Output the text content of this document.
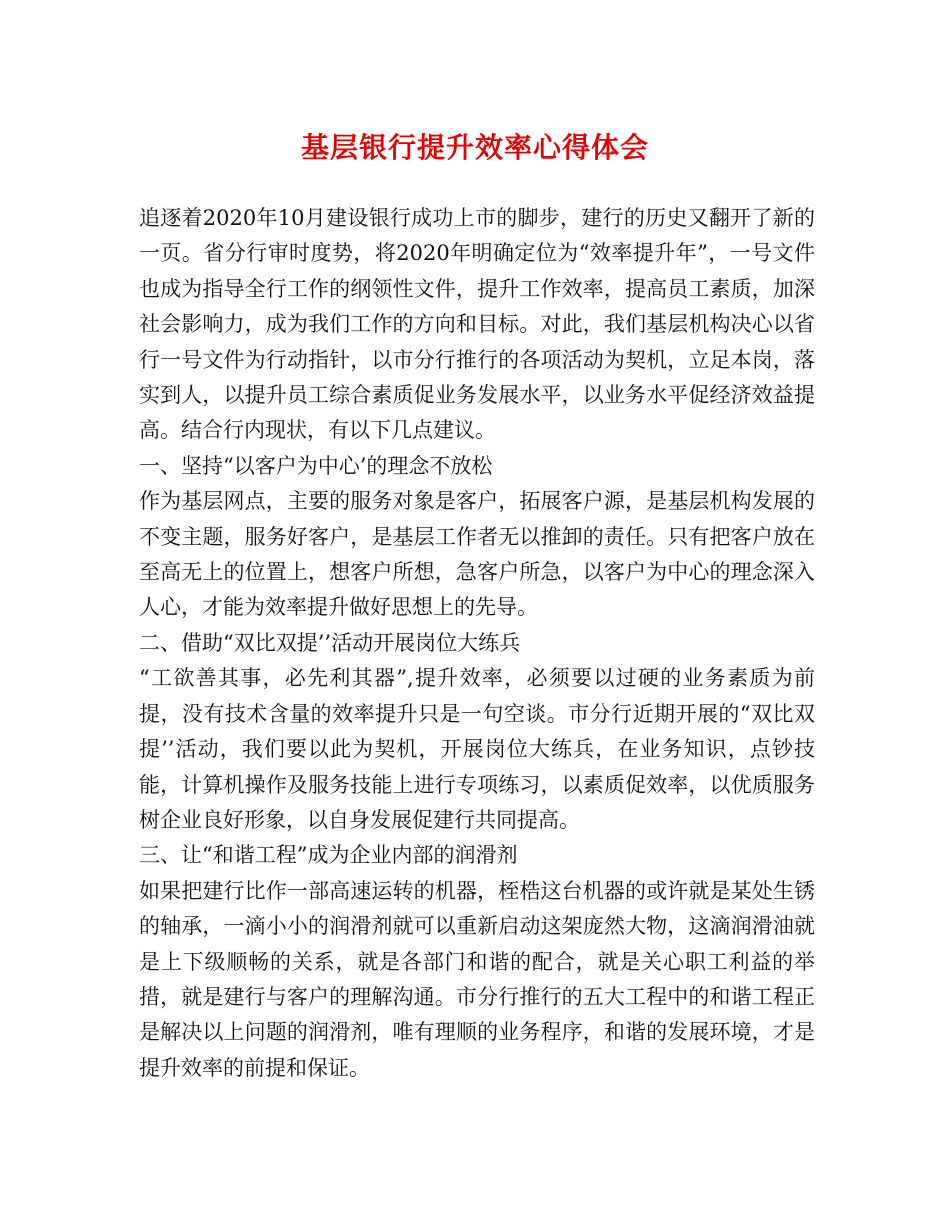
基层银行提升效率心得体会

追逐着2020年10月建设银行成功上市的脚步，建行的历史又翻开了新的一页。省分行审时度势，将2020年明确定位为“效率提升年”，一号文件也成为指导全行工作的纲领性文件，提升工作效率，提高员工素质，加深社会影响力，成为我们工作的方向和目标。对此，我们基层机构决心以省行一号文件为行动指针，以市分行推行的各项活动为契机，立足本岗，落实到人，以提升员工综合素质促业务发展水平，以业务水平促经济效益提高。结合行内现状，有以下几点建议。

一、坚持“以客户为中心’的理念不放松

作为基层网点，主要的服务对象是客户，拓展客户源，是基层机构发展的不变主题，服务好客户，是基层工作者无以推卸的责任。只有把客户放在至高无上的位置上，想客户所想，急客户所急，以客户为中心的理念深入人心，才能为效率提升做好思想上的先导。

二、借助“双比双提’’活动开展岗位大练兵

“工欲善其事，必先利其器”,提升效率，必须要以过硬的业务素质为前提，没有技术含量的效率提升只是一句空谈。市分行近期开展的“双比双提’’活动，我们要以此为契机，开展岗位大练兵，在业务知识，点钞技能，计算机操作及服务技能上进行专项练习，以素质促效率，以优质服务树企业良好形象，以自身发展促建行共同提高。

三、让“和谐工程”成为企业内部的润滑剂

如果把建行比作一部高速运转的机器，桎梏这台机器的或许就是某处生锈的轴承，一滴小小的润滑剂就可以重新启动这架庞然大物，这滴润滑油就是上下级顺畅的关系，就是各部门和谐的配合，就是关心职工利益的举措，就是建行与客户的理解沟通。市分行推行的五大工程中的和谐工程正是解决以上问题的润滑剂，唯有理顺的业务程序，和谐的发展环境，才是提升效率的前提和保证。
